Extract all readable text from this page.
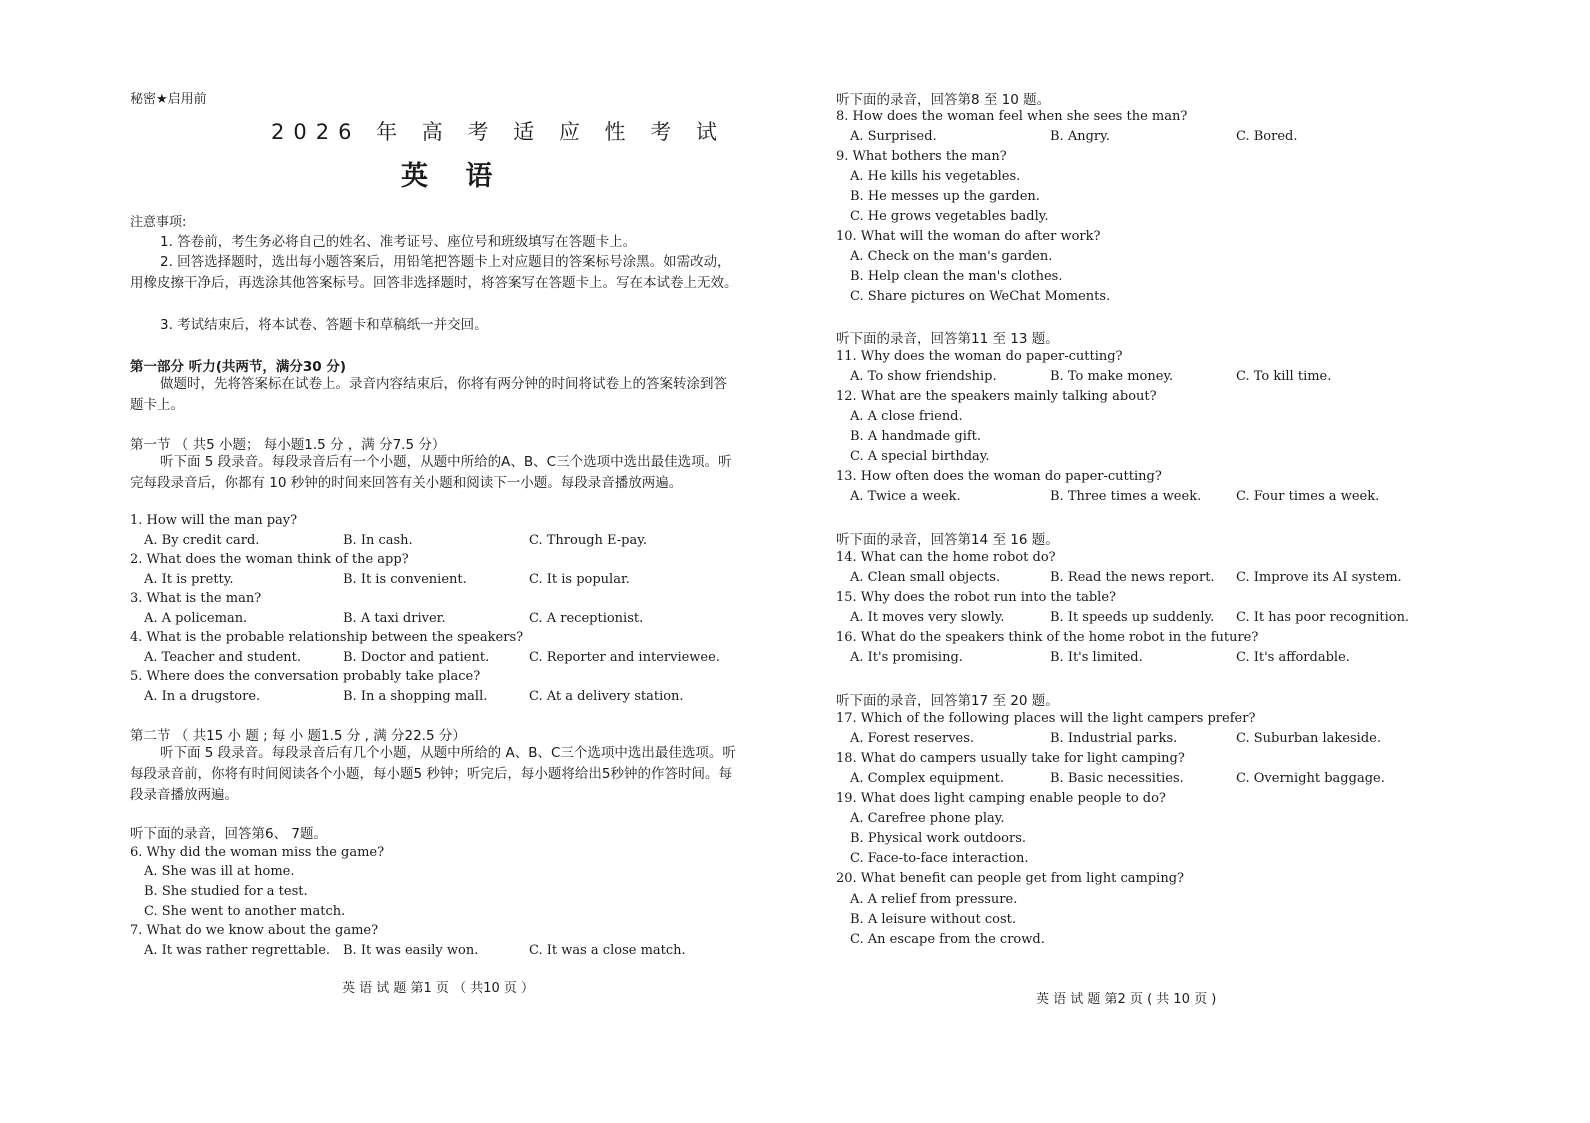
秘密★启用前
2026 年 高 考 适 应 性 考 试
英 语
注意事项:
1. 答卷前，考生务必将自己的姓名、准考证号、座位号和班级填写在答题卡上。
2. 回答选择题时，选出每小题答案后，用铅笔把答题卡上对应题目的答案标号涂黑。如需改动，用橡皮擦干净后，再选涂其他答案标号。回答非选择题时，将答案写在答题卡上。写在本试卷上无效。
3. 考试结束后，将本试卷、答题卡和草稿纸一并交回。
第一部分 听力(共两节，满分30 分)
做题时，先将答案标在试卷上。录音内容结束后，你将有两分钟的时间将试卷上的答案转涂到答题卡上。
第一节 （ 共5 小题； 每小题1.5 分 ，满 分7.5 分）
听下面 5 段录音。每段录音后有一个小题，从题中所给的A、B、C三个选项中选出最佳选项。听完每段录音后，你都有 10 秒钟的时间来回答有关小题和阅读下一小题。每段录音播放两遍。
1. How will the man pay?
A. By credit card.	B. In cash.	C. Through E-pay.
2. What does the woman think of the app?
A. It is pretty.	B. It is convenient.	C. It is popular.
3. What is the man?
A. A policeman.	B. A taxi driver.	C. A receptionist.
4. What is the probable relationship between the speakers?
A. Teacher and student.	B. Doctor and patient.	C. Reporter and interviewee.
5. Where does the conversation probably take place?
A. In a drugstore.	B. In a shopping mall.	C. At a delivery station.
第二节 （ 共15 小 题 ; 每 小 题1.5 分 , 满 分22.5 分）
听下面 5 段录音。每段录音后有几个小题，从题中所给的 A、B、C三个选项中选出最佳选项。听每段录音前，你将有时间阅读各个小题，每小题5 秒钟；听完后，每小题将给出5秒钟的作答时间。每段录音播放两遍。
听下面的录音，回答第6、 7题。
6. Why did the woman miss the game?
A. She was ill at home.
B. She studied for a test.
C. She went to another match.
7. What do we know about the game?
A. It was rather regrettable. B. It was easily won.	C. It was a close match.
英 语 试 题 第1 页 （ 共10 页 ）
听下面的录音，回答第8 至 10 题。
8. How does the woman feel when she sees the man?
A. Surprised.	B. Angry.	C. Bored.
9. What bothers the man?
A. He kills his vegetables.
B. He messes up the garden.
C. He grows vegetables badly.
10. What will the woman do after work?
A. Check on the man's garden.
B. Help clean the man's clothes.
C. Share pictures on WeChat Moments.
听下面的录音，回答第11 至 13 题。
11. Why does the woman do paper-cutting?
A. To show friendship.	B. To make money.	C. To kill time.
12. What are the speakers mainly talking about?
A. A close friend.
B. A handmade gift.
C. A special birthday.
13. How often does the woman do paper-cutting?
A. Twice a week.	B. Three times a week.	C. Four times a week.
听下面的录音，回答第14 至 16 题。
14. What can the home robot do?
A. Clean small objects.	B. Read the news report. C. Improve its AI system.
15. Why does the robot run into the table?
A. It moves very slowly.	B. It speeds up suddenly. C. It has poor recognition.
16. What do the speakers think of the home robot in the future?
A. It's promising.	B. It's limited.	C. It's affordable.
听下面的录音，回答第17 至 20 题。
17. Which of the following places will the light campers prefer?
A. Forest reserves.	B. Industrial parks.	C. Suburban lakeside.
18. What do campers usually take for light camping?
A. Complex equipment.	B. Basic necessities.	C. Overnight baggage.
19. What does light camping enable people to do?
A. Carefree phone play.
B. Physical work outdoors.
C. Face-to-face interaction.
20. What benefit can people get from light camping?
A. A relief from pressure.
B. A leisure without cost.
C. An escape from the crowd.
英 语 试 题 第2 页 ( 共 10 页 )
